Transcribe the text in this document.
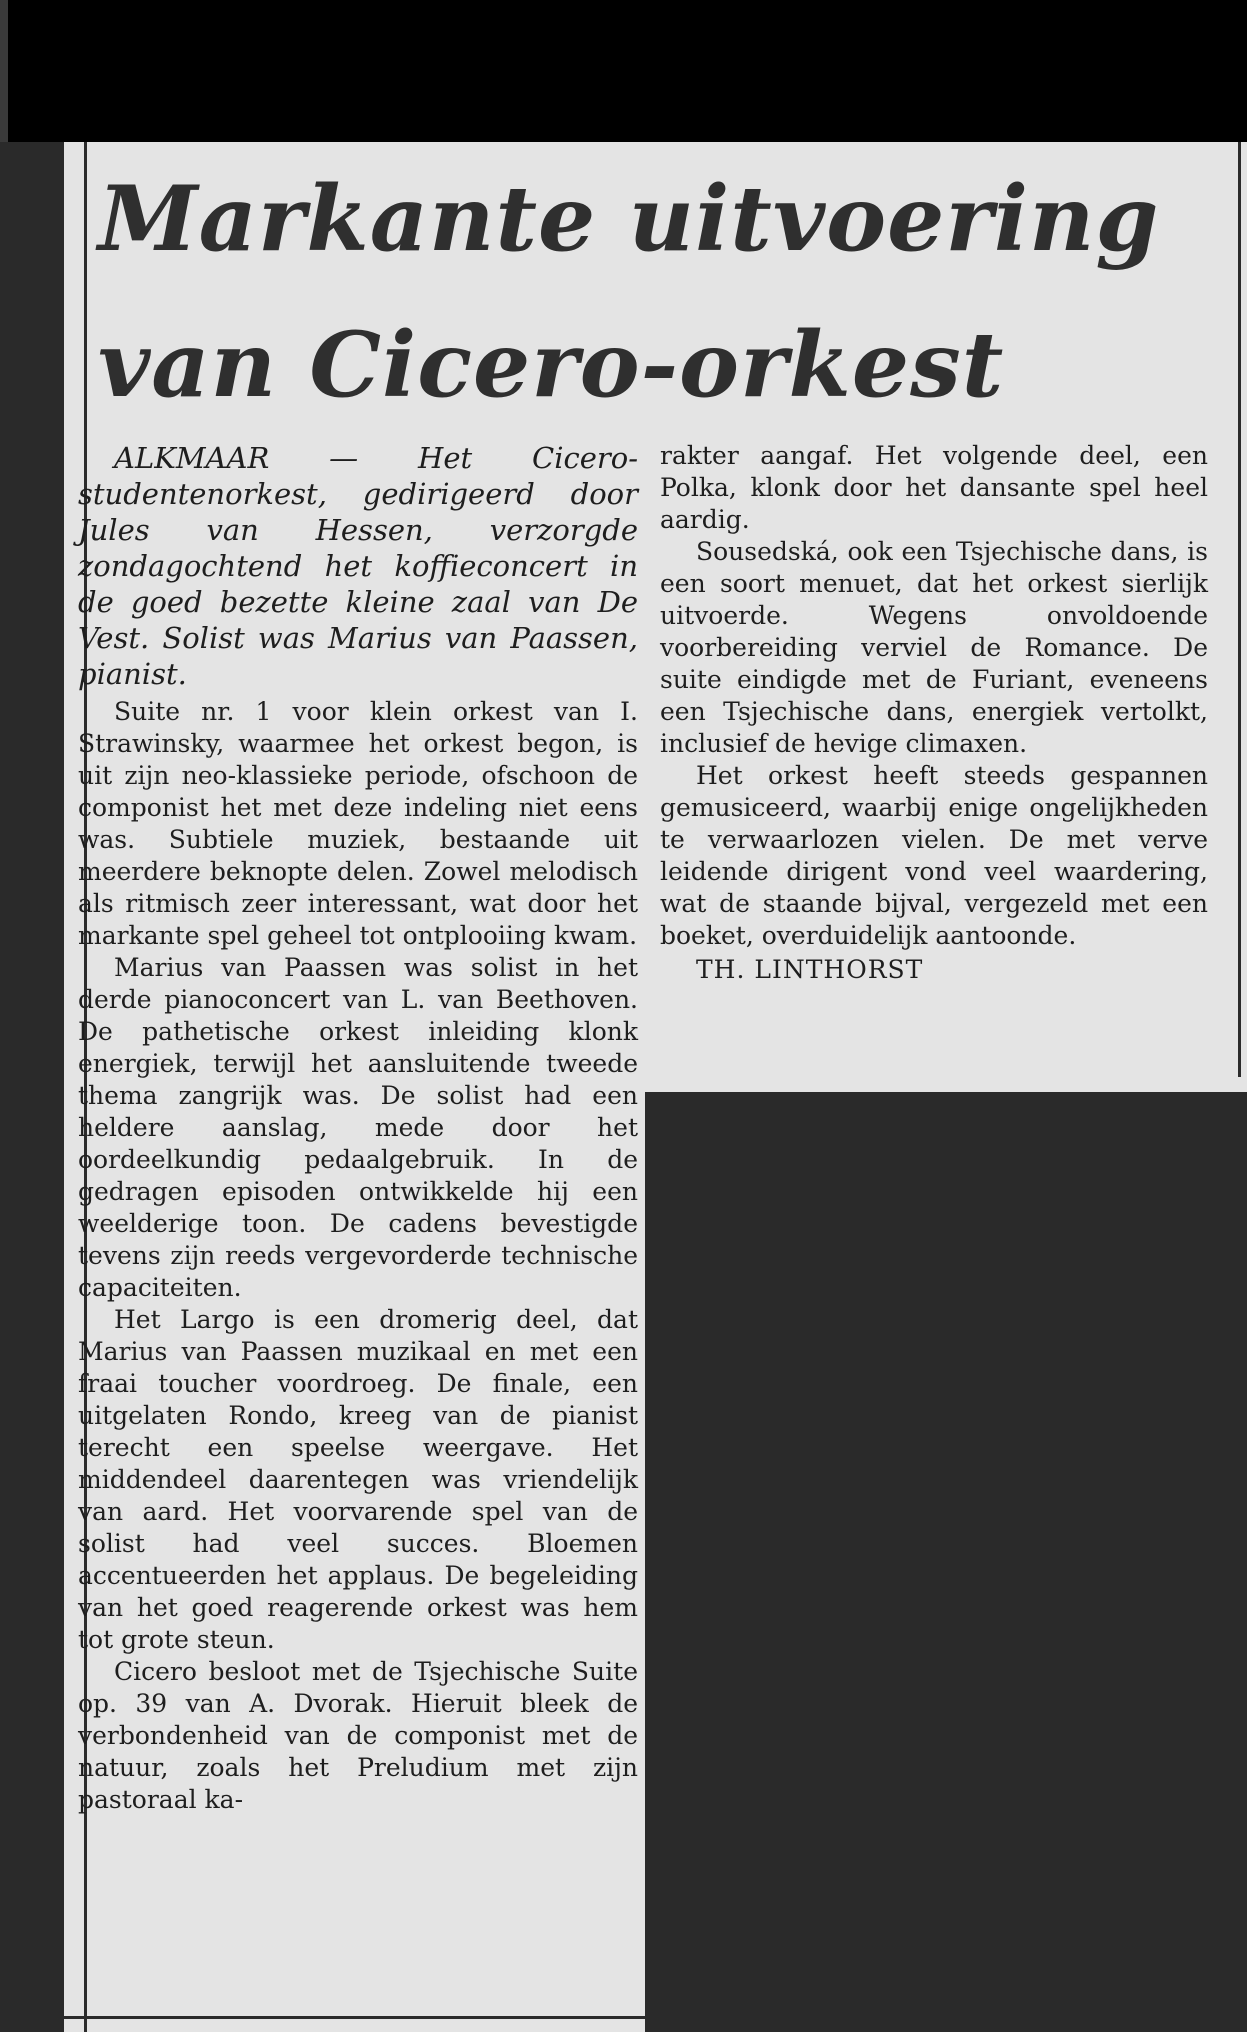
Markante uitvoering
van Cicero-orkest

ALKMAAR — Het Cicero-studentenorkest, gedirigeerd door Jules van Hessen, verzorgde zondagochtend het koffieconcert in de goed bezette kleine zaal van De Vest. Solist was Marius van Paassen, pianist.

Suite nr. 1 voor klein orkest van I. Strawinsky, waarmee het orkest begon, is uit zijn neo-klassieke periode, ofschoon de componist het met deze indeling niet eens was. Subtiele muziek, bestaande uit meerdere beknopte delen. Zowel melodisch als ritmisch zeer interessant, wat door het markante spel geheel tot ontplooiing kwam.

Marius van Paassen was solist in het derde pianoconcert van L. van Beethoven. De pathetische orkest inleiding klonk energiek, terwijl het aansluitende tweede thema zangrijk was. De solist had een heldere aanslag, mede door het oordeelkundig pedaalgebruik. In de gedragen episoden ontwikkelde hij een weelderige toon. De cadens bevestigde tevens zijn reeds vergevorderde technische capaciteiten.

Het Largo is een dromerig deel, dat Marius van Paassen muzikaal en met een fraai toucher voordroeg. De finale, een uitgelaten Rondo, kreeg van de pianist terecht een speelse weergave. Het middendeel daarentegen was vriendelijk van aard. Het voorvarende spel van de solist had veel succes. Bloemen accentueerden het applaus. De begeleiding van het goed reagerende orkest was hem tot grote steun.

Cicero besloot met de Tsjechische Suite op. 39 van A. Dvorak. Hieruit bleek de verbondenheid van de componist met de natuur, zoals het Preludium met zijn pastoraal ka-

rakter aangaf. Het volgende deel, een Polka, klonk door het dansante spel heel aardig.

Sousedská, ook een Tsjechische dans, is een soort menuet, dat het orkest sierlijk uitvoerde. Wegens onvoldoende voorbereiding verviel de Romance. De suite eindigde met de Furiant, eveneens een Tsjechische dans, energiek vertolkt, inclusief de hevige climaxen.

Het orkest heeft steeds gespannen gemusiceerd, waarbij enige ongelijkheden te verwaarlozen vielen. De met verve leidende dirigent vond veel waardering, wat de staande bijval, vergezeld met een boeket, overduidelijk aantoonde.

TH. LINTHORST
